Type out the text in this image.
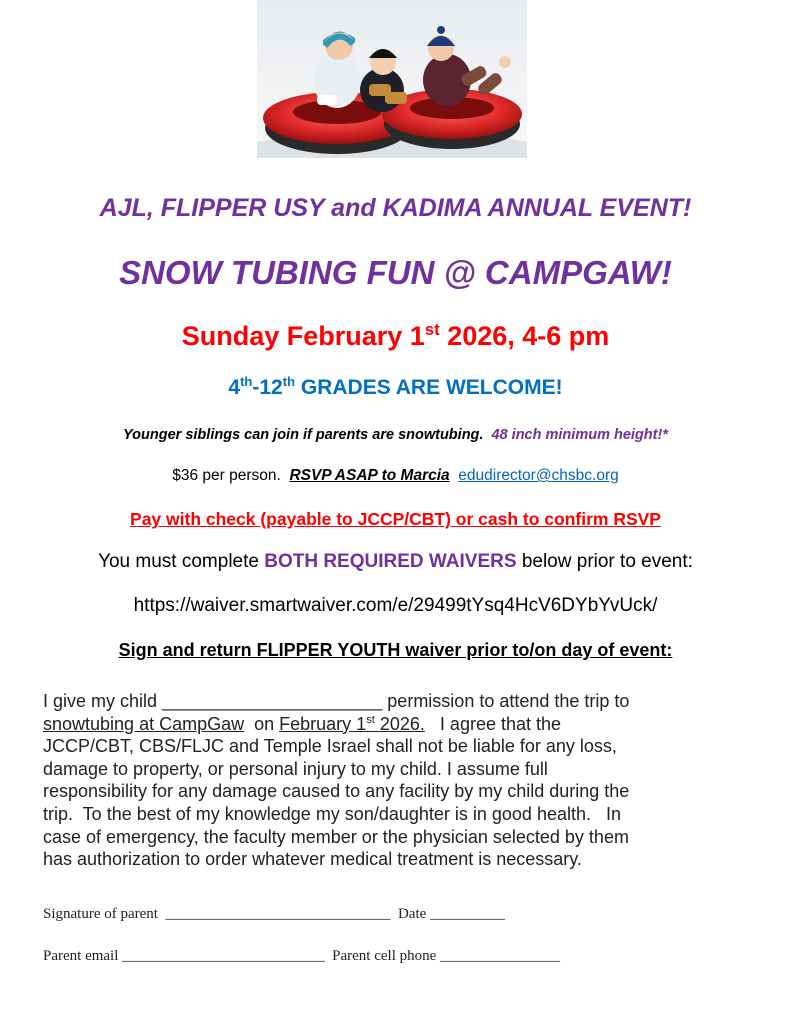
AJL, FLIPPER USY and KADIMA ANNUAL EVENT!
SNOW TUBING FUN @ CAMPGAW!
Sunday February 1st 2026, 4-6 pm
4th-12th GRADES ARE WELCOME!
Younger siblings can join if parents are snowtubing. 48 inch minimum height!*
$36 per person. RSVP ASAP to Marcia edudirector@chsbc.org
Pay with check (payable to JCCP/CBT) or cash to confirm RSVP
You must complete BOTH REQUIRED WAIVERS below prior to event:
https://waiver.smartwaiver.com/e/29499tYsq4HcV6DYbYvUck/
Sign and return FLIPPER YOUTH waiver prior to/on day of event:
I give my child ______________________ permission to attend the trip to
snowtubing at CampGaw  on February 1st 2026.   I agree that the
JCCP/CBT, CBS/FLJC and Temple Israel shall not be liable for any loss,
damage to property, or personal injury to my child. I assume full
responsibility for any damage caused to any facility by my child during the
trip.  To the best of my knowledge my son/daughter is in good health.   In
case of emergency, the faculty member or the physician selected by them
has authorization to order whatever medical treatment is necessary.
Signature of parent ______________________________ Date __________
Parent email ___________________________ Parent cell phone ________________
